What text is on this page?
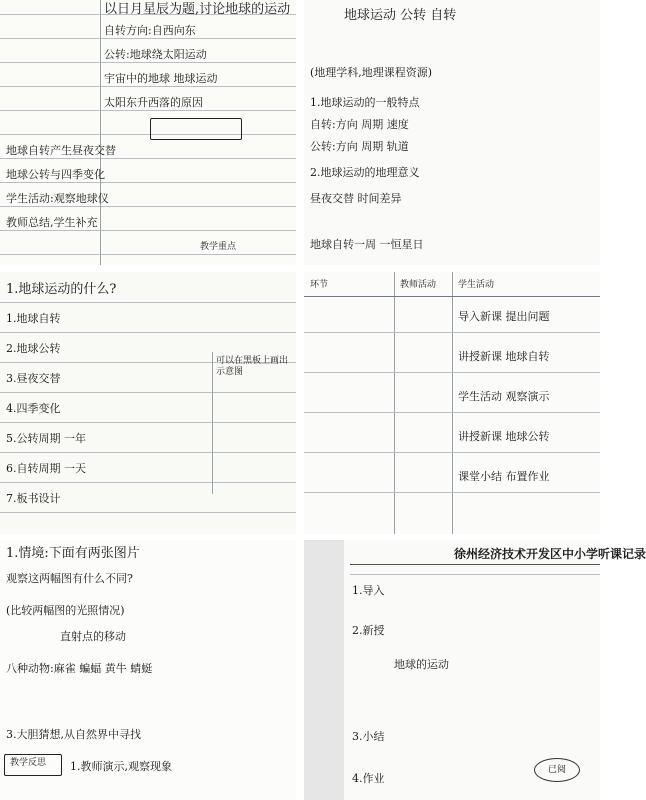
以日月星辰为题,讨论地球的运动
自转方向:自西向东
公转:地球绕太阳运动
宇宙中的地球 地球运动
太阳东升西落的原因
地球自转产生昼夜交替
地球公转与四季变化
学生活动:观察地球仪
教师总结,学生补充
教学重点
地球运动 公转 自转
(地理学科,地理课程资源)
1.地球运动的一般特点
自转:方向 周期 速度
公转:方向 周期 轨道
2.地球运动的地理意义
昼夜交替 时间差异
地球自转一周 一恒星日
1.地球运动的什么?
1.地球自转
2.地球公转
3.昼夜交替
4.四季变化
5.公转周期 一年
6.自转周期 一天
7.板书设计
可以在黑板上画出示意图
环节	教师活动	学生活动
导入新课 提出问题
讲授新课 地球自转
学生活动 观察演示
讲授新课 地球公转
课堂小结 布置作业
1.情境:下面有两张图片
观察这两幅图有什么不同?
(比较两幅图的光照情况)
直射点的移动
八种动物:麻雀 蝙蝠 黄牛 蜻蜓
3.大胆猜想,从自然界中寻找
1.教师演示,观察现象
教学反思
徐州经济技术开发区中小学听课记录
1.导入
2.新授
地球的运动
3.小结
4.作业
已阅
